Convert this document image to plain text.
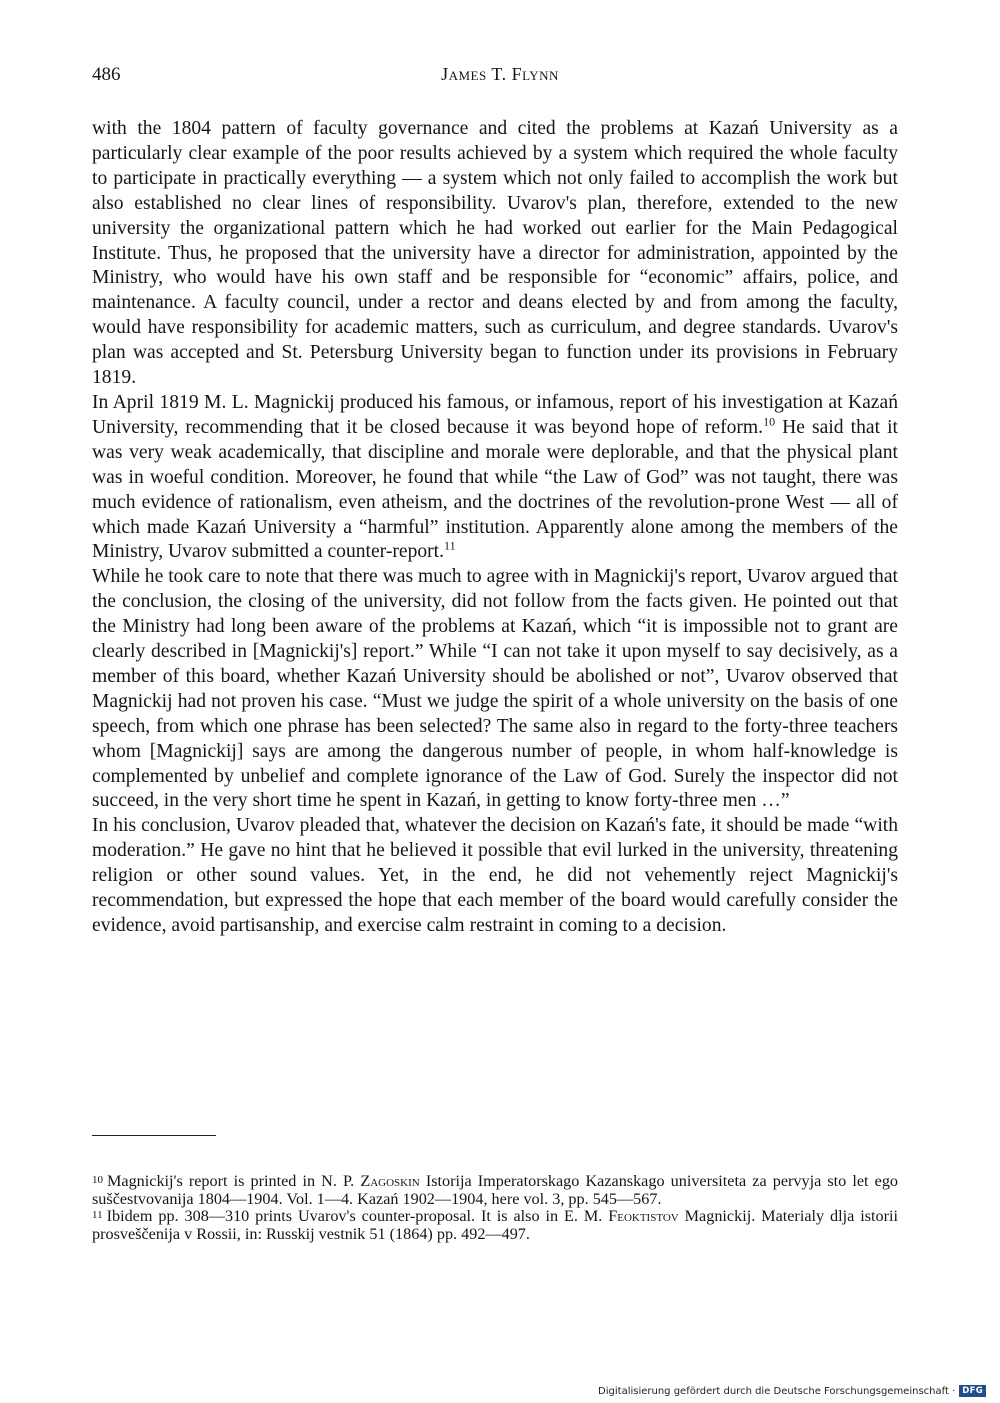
486	James T. Flynn

with the 1804 pattern of faculty governance and cited the problems at Kazań University as a particularly clear example of the poor results achieved by a system which required the whole faculty to participate in practically everything — a system which not only failed to accomplish the work but also established no clear lines of responsibility. Uvarov's plan, therefore, extended to the new university the organizational pattern which he had worked out earlier for the Main Pedagogical Institute. Thus, he proposed that the university have a director for administration, appointed by the Ministry, who would have his own staff and be responsible for “economic” affairs, police, and maintenance. A faculty council, under a rector and deans elected by and from among the faculty, would have responsibility for academic matters, such as curriculum, and degree standards. Uvarov's plan was accepted and St. Petersburg University began to function under its provisions in February 1819.

In April 1819 M. L. Magnickij produced his famous, or infamous, report of his investigation at Kazań University, recommending that it be closed because it was beyond hope of reform.$^{10}$ He said that it was very weak academically, that discipline and morale were deplorable, and that the physical plant was in woeful condition. Moreover, he found that while “the Law of God” was not taught, there was much evidence of rationalism, even atheism, and the doctrines of the revolution-prone West — all of which made Kazań University a “harmful” institution. Apparently alone among the members of the Ministry, Uvarov submitted a counter-report.$^{11}$

While he took care to note that there was much to agree with in Magnickij's report, Uvarov argued that the conclusion, the closing of the university, did not follow from the facts given. He pointed out that the Ministry had long been aware of the problems at Kazań, which “it is impossible not to grant are clearly described in [Magnickij's] report.” While “I can not take it upon myself to say decisively, as a member of this board, whether Kazań University should be abolished or not”, Uvarov observed that Magnickij had not proven his case. “Must we judge the spirit of a whole university on the basis of one speech, from which one phrase has been selected? The same also in regard to the forty-three teachers whom [Magnickij] says are among the dangerous number of people, in whom half-knowledge is complemented by unbelief and complete ignorance of the Law of God. Surely the inspector did not succeed, in the very short time he spent in Kazań, in getting to know forty-three men …”

In his conclusion, Uvarov pleaded that, whatever the decision on Kazań's fate, it should be made “with moderation.” He gave no hint that he believed it possible that evil lurked in the university, threatening religion or other sound values. Yet, in the end, he did not vehemently reject Magnickij's recommendation, but expressed the hope that each member of the board would carefully consider the evidence, avoid partisanship, and exercise calm restraint in coming to a decision.

$^{10}$ Magnickij's report is printed in N. P. Zagoskin Istorija Imperatorskago Kazanskago universiteta za pervyja sto let ego suščestvovanija 1804—1904. Vol. 1—4. Kazań 1902—1904, here vol. 3, pp. 545—567.

$^{11}$ Ibidem pp. 308—310 prints Uvarov's counter-proposal. It is also in E. M. Feoktistov Magnickij. Materialy dlja istorii prosveščenija v Rossii, in: Russkij vestnik 51 (1864) pp. 492—497.

Digitalisierung gefördert durch die Deutsche Forschungsgemeinschaft · DFG
